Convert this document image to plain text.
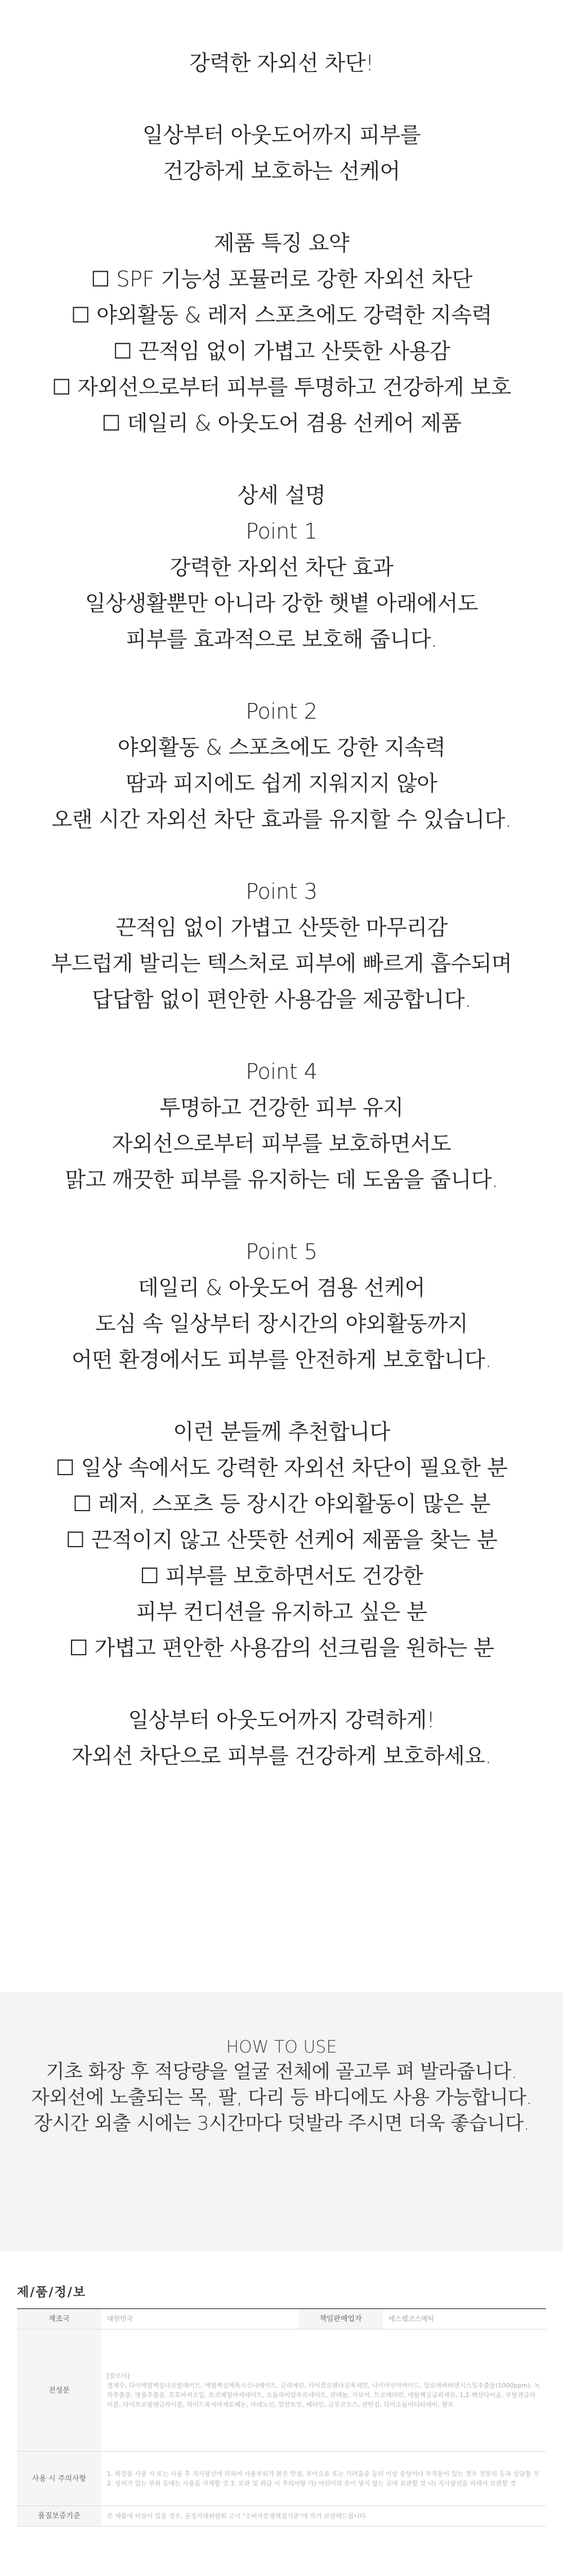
강력한 자외선 차단!
일상부터 아웃도어까지 피부를
건강하게 보호하는 선케어
제품 특징 요약
☐ SPF 기능성 포뮬러로 강한 자외선 차단
☐ 야외활동 & 레저 스포츠에도 강력한 지속력
☐ 끈적임 없이 가볍고 산뜻한 사용감
☐ 자외선으로부터 피부를 투명하고 건강하게 보호
☐ 데일리 & 아웃도어 겸용 선케어 제품
상세 설명
Point 1
강력한 자외선 차단 효과
일상생활뿐만 아니라 강한 햇볕 아래에서도
피부를 효과적으로 보호해 줍니다.
Point 2
야외활동 & 스포츠에도 강한 지속력
땀과 피지에도 쉽게 지워지지 않아
오랜 시간 자외선 차단 효과를 유지할 수 있습니다.
Point 3
끈적임 없이 가볍고 산뜻한 마무리감
부드럽게 발리는 텍스처로 피부에 빠르게 흡수되며
답답함 없이 편안한 사용감을 제공합니다.
Point 4
투명하고 건강한 피부 유지
자외선으로부터 피부를 보호하면서도
맑고 깨끗한 피부를 유지하는 데 도움을 줍니다.
Point 5
데일리 & 아웃도어 겸용 선케어
도심 속 일상부터 장시간의 야외활동까지
어떤 환경에서도 피부를 안전하게 보호합니다.
이런 분들께 추천합니다
☐ 일상 속에서도 강력한 자외선 차단이 필요한 분
☐ 레저, 스포츠 등 장시간 야외활동이 많은 분
☐ 끈적이지 않고 산뜻한 선케어 제품을 찾는 분
☐ 피부를 보호하면서도 건강한
피부 컨디션을 유지하고 싶은 분
☐ 가볍고 편안한 사용감의 선크림을 원하는 분
일상부터 아웃도어까지 강력하게!
자외선 차단으로 피부를 건강하게 보호하세요.
HOW TO USE
기초 화장 후 적당량을 얼굴 전체에 골고루 펴 발라줍니다.
자외선에 노출되는 목, 팔, 다리 등 바디에도 사용 가능합니다.
장시간 외출 시에는 3시간마다 덧발라 주시면 더욱 좋습니다.
제/품/정/보
제조국	대한민국	책임판매업자	에스랩코스메틱
전성분	[알로이]
정제수, 다이에틸헥실나프탈레이트, 에틸헥실메톡시신나메이트, 글리세린, 사이클로펜타실록세인, 나이아신아마이드, 알로에바바덴시스잎추출물(1000ppm), 녹차추출물, 병풀추출물, 호호바씨오일, 토코페릴아세테이트, 소듐하이알루로네이트, 판테놀, 카보머, 트로메타민, 에틸헥실글리세린, 1,2-헥산다이올, 부틸렌글라이콜, 다이프로필렌글라이콜, 하이드록시아세토페논, 아데노신, 알란토인, 베타인, 글루코오스, 잔탄검, 다이소듐이디티에이, 향료		

사용 시 주의사항	1. 화장품 사용 시 또는 사용 후 직사광선에 의하여 사용부위가 붉은 반점, 부어오름 또는 가려움증 등의 이상 증상이나 부작용이 있는 경우 전문의 등과 상담할 것 2. 상처가 있는 부위 등에는 사용을 자제할 것 3. 보관 및 취급 시 주의사항 가) 어린이의 손이 닿지 않는 곳에 보관할 것 나) 직사광선을 피해서 보관할 것		

품질보증기준	본 제품에 이상이 있을 경우, 공정거래위원회 고시 "소비자분쟁해결기준"에 의거 보상해드립니다.		
